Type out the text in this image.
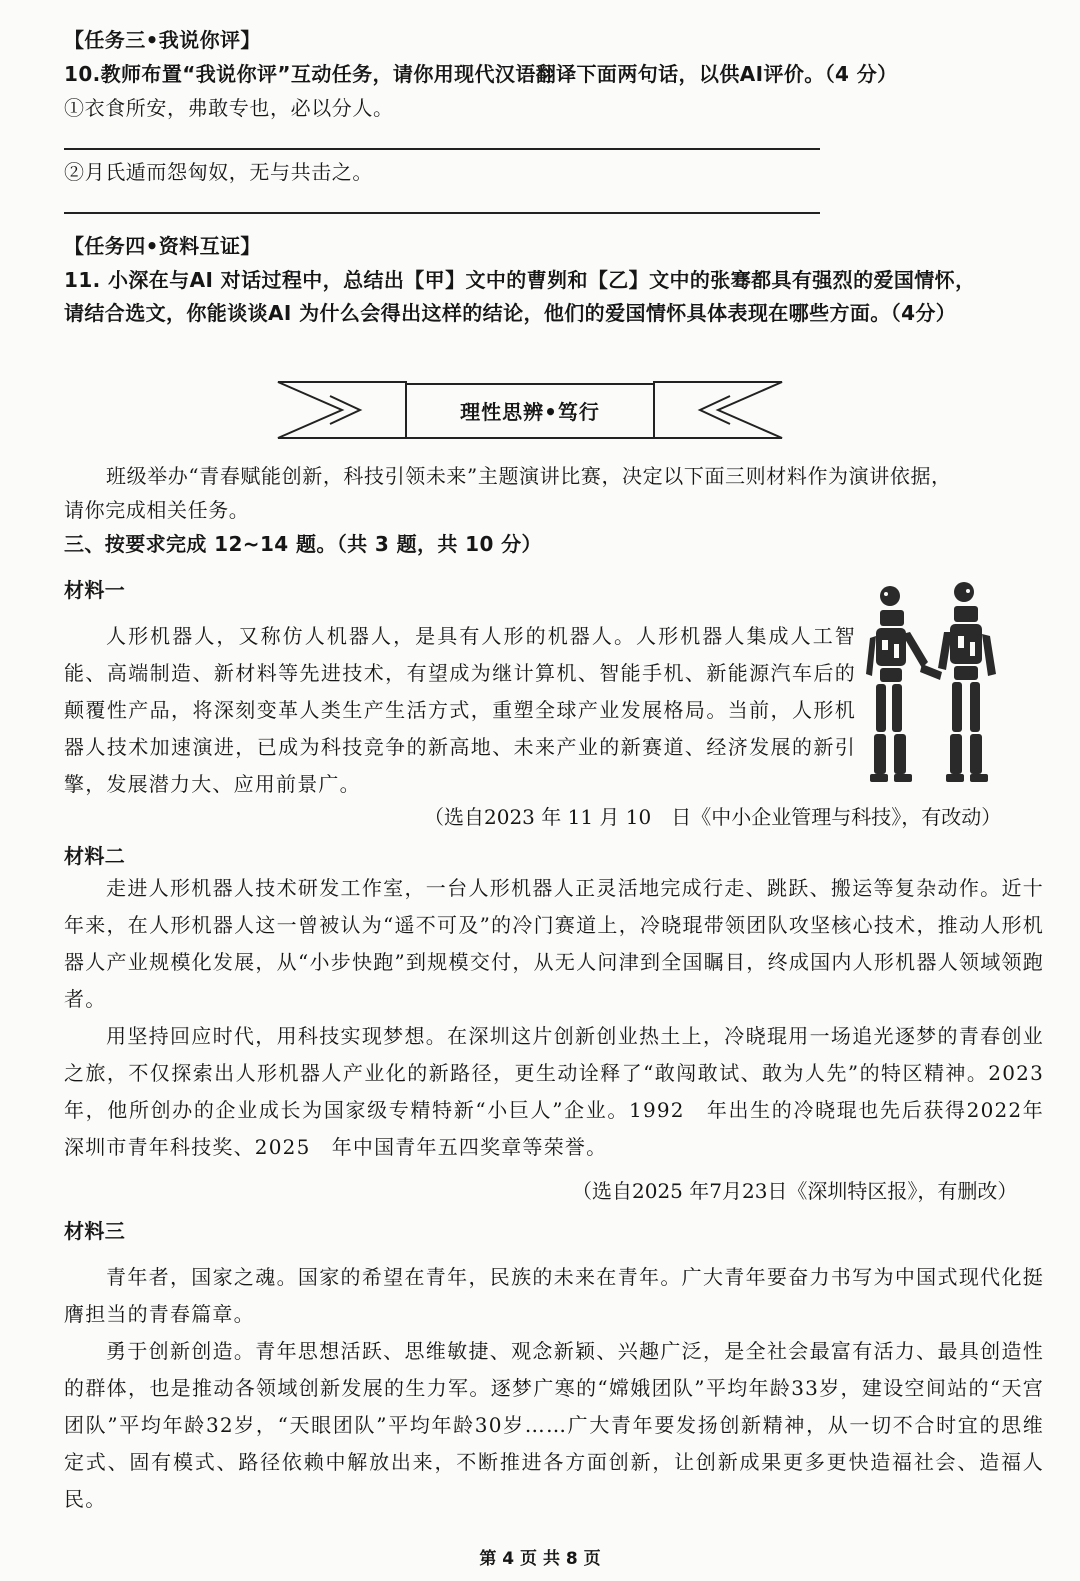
【任务三•我说你评】
10.教师布置“我说你评”互动任务，请你用现代汉语翻译下面两句话，以供AI评价。（4 分）
①衣食所安，弗敢专也，必以分人。
②月氏遁而怨匈奴，无与共击之。
【任务四•资料互证】
11. 小深在与AI 对话过程中，总结出【甲】文中的曹刿和【乙】文中的张骞都具有强烈的爱国情怀，
请结合选文，你能谈谈AI 为什么会得出这样的结论，他们的爱国情怀具体表现在哪些方面。（4分）
理性思辨•笃行
班级举办“青春赋能创新，科技引领未来”主题演讲比赛，决定以下面三则材料作为演讲依据，
请你完成相关任务。
三、按要求完成 12~14 题。（共 3 题，共 10 分）
材料一
人形机器人，又称仿人机器人，是具有人形的机器人。人形机器人集成人工智能、高端制造、新材料等先进技术，有望成为继计算机、智能手机、新能源汽车后的颠覆性产品，将深刻变革人类生产生活方式，重塑全球产业发展格局。当前，人形机器人技术加速演进，已成为科技竞争的新高地、未来产业的新赛道、经济发展的新引擎，发展潜力大、应用前景广。
（选自2023 年 11 月 10　日《中小企业管理与科技》，有改动）
材料二

走进人形机器人技术研发工作室，一台人形机器人正灵活地完成行走、跳跃、搬运等复杂动作。近十年来，在人形机器人这一曾被认为“遥不可及”的冷门赛道上，冷晓琨带领团队攻坚核心技术，推动人形机器人产业规模化发展，从“小步快跑”到规模交付，从无人问津到全国瞩目，终成国内人形机器人领域领跑者。

用坚持回应时代，用科技实现梦想。在深圳这片创新创业热土上，冷晓琨用一场追光逐梦的青春创业之旅，不仅探索出人形机器人产业化的新路径，更生动诠释了“敢闯敢试、敢为人先”的特区精神。2023 年，他所创办的企业成长为国家级专精特新“小巨人”企业。1992　年出生的冷晓琨也先后获得2022年深圳市青年科技奖、2025　年中国青年五四奖章等荣誉。

（选自2025 年7月23日《深圳特区报》，有删改）
材料三

青年者，国家之魂。国家的希望在青年，民族的未来在青年。广大青年要奋力书写为中国式现代化挺膺担当的青春篇章。

勇于创新创造。青年思想活跃、思维敏捷、观念新颖、兴趣广泛，是全社会最富有活力、最具创造性的群体，也是推动各领域创新发展的生力军。逐梦广寒的“嫦娥团队”平均年龄33岁，建设空间站的“天宫团队”平均年龄32岁，“天眼团队”平均年龄30岁……广大青年要发扬创新精神，从一切不合时宜的思维定式、固有模式、路径依赖中解放出来，不断推进各方面创新，让创新成果更多更快造福社会、造福人民。

第 4 页 共 8 页
